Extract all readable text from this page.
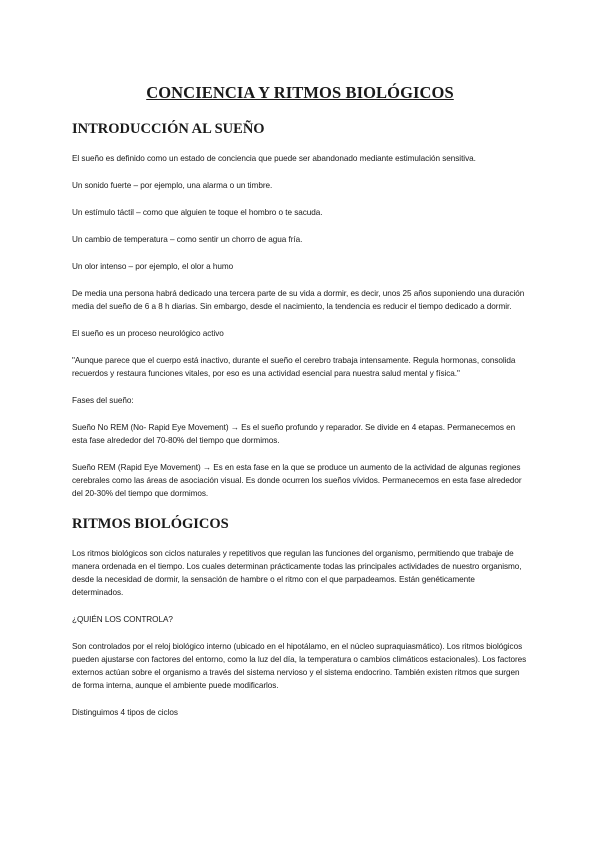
CONCIENCIA Y RITMOS BIOLÓGICOS
INTRODUCCIÓN AL SUEÑO
El sueño es definido como un estado de conciencia que puede ser abandonado mediante estimulación sensitiva.
Un sonido fuerte – por ejemplo, una alarma o un timbre.
Un estímulo táctil – como que alguien te toque el hombro o te sacuda.
Un cambio de temperatura – como sentir un chorro de agua fría.
Un olor intenso – por ejemplo, el olor a humo
De media una persona habrá dedicado una tercera parte de su vida a dormir, es decir, unos 25 años suponiendo una duración media del sueño de 6 a 8 h diarias. Sin embargo, desde el nacimiento, la tendencia es reducir el tiempo dedicado a dormir.
El sueño es un proceso neurológico activo
"Aunque parece que el cuerpo está inactivo, durante el sueño el cerebro trabaja intensamente. Regula hormonas, consolida recuerdos y restaura funciones vitales, por eso es una actividad esencial para nuestra salud mental y física."
Fases del sueño:
Sueño No REM (No- Rapid Eye Movement) → Es el sueño profundo y reparador. Se divide en 4 etapas. Permanecemos en esta fase alrededor del 70-80% del tiempo que dormimos.
Sueño REM (Rapid Eye Movement) → Es en esta fase en la que se produce un aumento de la actividad de algunas regiones cerebrales como las áreas de asociación visual. Es donde ocurren los sueños vívidos. Permanecemos en esta fase alrededor del 20-30% del tiempo que dormimos.
RITMOS BIOLÓGICOS
Los ritmos biológicos son ciclos naturales y repetitivos que regulan las funciones del organismo, permitiendo que trabaje de manera ordenada en el tiempo. Los cuales determinan prácticamente todas las principales actividades de nuestro organismo, desde la necesidad de dormir, la sensación de hambre o el ritmo con el que parpadeamos. Están genéticamente determinados.
¿QUIÉN LOS CONTROLA?
Son controlados por el reloj biológico interno (ubicado en el hipotálamo, en el núcleo supraquiasmático). Los ritmos biológicos pueden ajustarse con factores del entorno, como la luz del día, la temperatura o cambios climáticos estacionales). Los factores externos actúan sobre el organismo a través del sistema nervioso y el sistema endocrino. También existen ritmos que surgen de forma interna, aunque el ambiente puede modificarlos.
Distinguimos 4 tipos de ciclos
